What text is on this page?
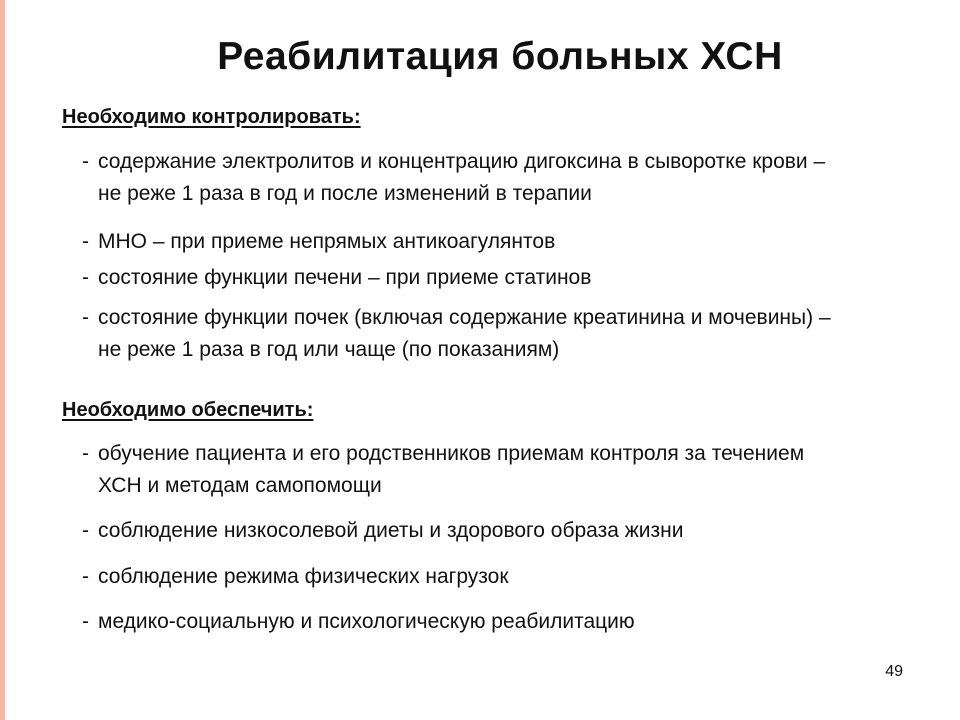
Реабилитация больных ХСН

Необходимо контролировать:

- содержание электролитов и концентрацию дигоксина в сыворотке крови – не реже 1 раза в год и после изменений в терапии

- МНО – при приеме непрямых антикоагулянтов

- состояние функции печени – при приеме статинов

- состояние функции почек (включая содержание креатинина и мочевины) – не реже 1 раза в год или чаще (по показаниям)

Необходимо обеспечить:

- обучение пациента и его родственников приемам контроля за течением ХСН и методам самопомощи

- соблюдение низкосолевой диеты и здорового образа жизни

- соблюдение режима физических нагрузок

- медико-социальную и психологическую реабилитацию

49
